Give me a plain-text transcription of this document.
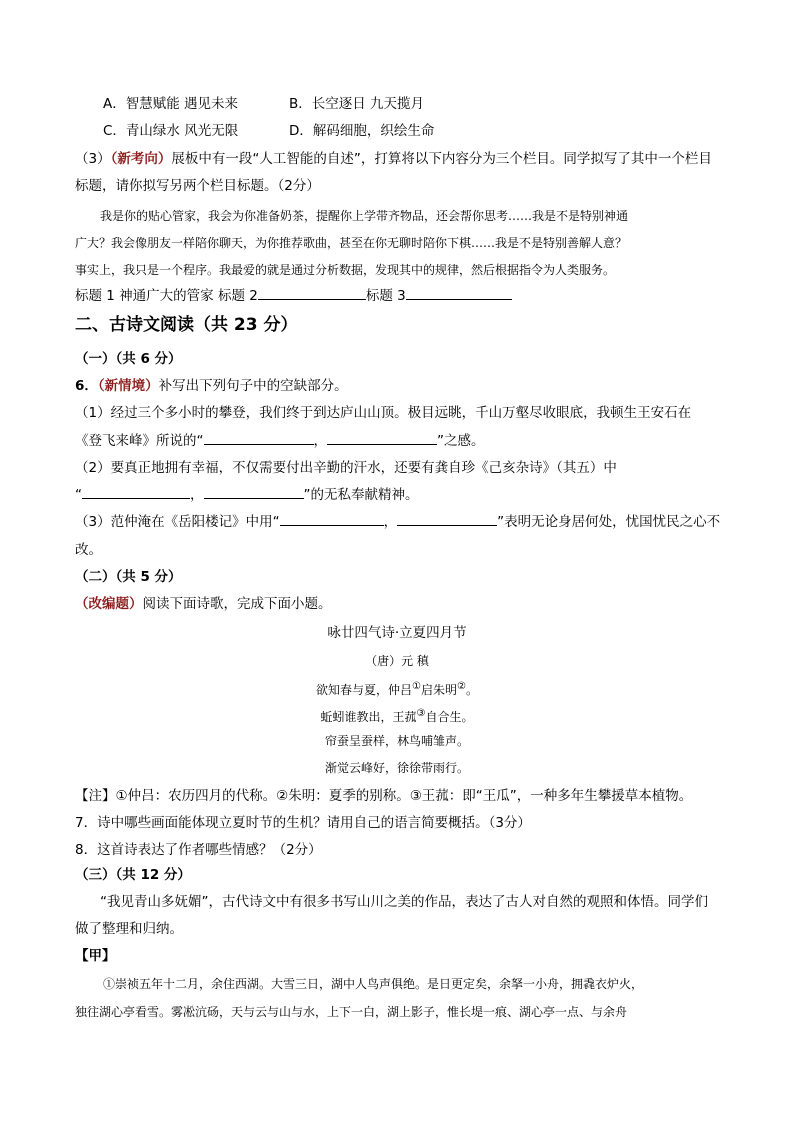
A．智慧赋能 遇见未来	B．长空逐日 九天揽月
C．青山绿水 风光无限	D．解码细胞，织绘生命
（3）（新考向）展板中有一段“人工智能的自述”，打算将以下内容分为三个栏目。同学拟写了其中一个栏目
标题，请你拟写另两个栏目标题。（2分）
我是你的贴心管家，我会为你准备奶茶，提醒你上学带齐物品，还会帮你思考……我是不是特别神通
广大？我会像朋友一样陪你聊天，为你推荐歌曲，甚至在你无聊时陪你下棋……我是不是特别善解人意？
事实上，我只是一个程序。我最爱的就是通过分析数据，发现其中的规律，然后根据指令为人类服务。
标题 1 神通广大的管家 标题 2	标题 3
二、古诗文阅读（共 23 分）
（一）（共 6 分）
6．（新情境）补写出下列句子中的空缺部分。
（1）经过三个多小时的攀登，我们终于到达庐山山顶。极目远眺，千山万壑尽收眼底，我顿生王安石在
《登飞来峰》所说的“	，	”之感。
（2）要真正地拥有幸福，不仅需要付出辛勤的汗水，还要有龚自珍《己亥杂诗》（其五）中
“	，	”的无私奉献精神。
（3）范仲淹在《岳阳楼记》中用“	，	”表明无论身居何处，忧国忧民之心不
改。
（二）（共 5 分）
（改编题）阅读下面诗歌，完成下面小题。
咏廿四气诗·立夏四月节
（唐）元 稹
欲知春与夏，仲吕①启朱明②。
蚯蚓谁教出，王菰③自合生。
帘蚕呈蚕样，林鸟哺雏声。
渐觉云峰好，徐徐带雨行。
【注】①仲吕：农历四月的代称。②朱明：夏季的别称。③王菰：即“王瓜”，一种多年生攀援草本植物。
7．诗中哪些画面能体现立夏时节的生机？请用自己的语言简要概括。（3分）
8．这首诗表达了作者哪些情感？（2分）
（三）（共 12 分）
“我见青山多妩媚”，古代诗文中有很多书写山川之美的作品，表达了古人对自然的观照和体悟。同学们
做了整理和归纳。
【甲】
①崇祯五年十二月，余住西湖。大雪三日，湖中人鸟声俱绝。是日更定矣，余拏一小舟，拥毳衣炉火，
独往湖心亭看雪。雾凇沆砀，天与云与山与水，上下一白，湖上影子，惟长堤一痕、湖心亭一点、与余舟
